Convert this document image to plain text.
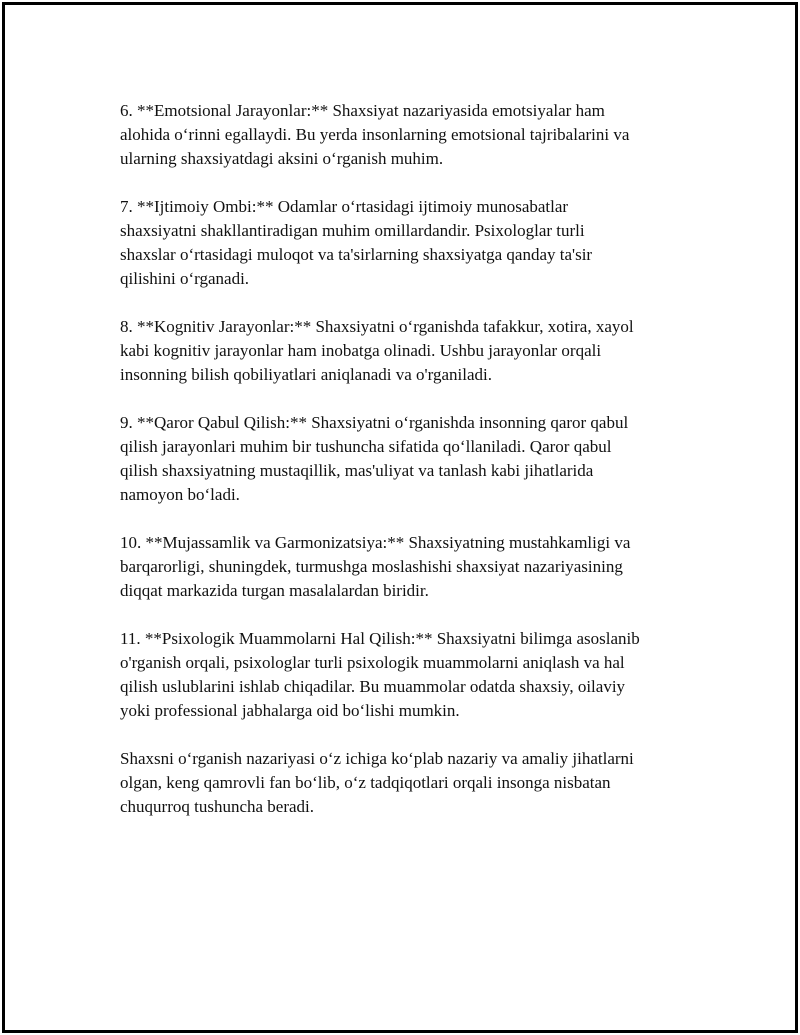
6. **Emotsional Jarayonlar:** Shaxsiyat nazariyasida emotsiyalar ham
alohida oʻrinni egallaydi. Bu yerda insonlarning emotsional tajribalarini va
ularning shaxsiyatdagi aksini oʻrganish muhim.

7. **Ijtimoiy Ombi:** Odamlar oʻrtasidagi ijtimoiy munosabatlar
shaxsiyatni shakllantiradigan muhim omillardandir. Psixologlar turli
shaxslar oʻrtasidagi muloqot va ta'sirlarning shaxsiyatga qanday ta'sir
qilishini oʻrganadi.

8. **Kognitiv Jarayonlar:** Shaxsiyatni oʻrganishda tafakkur, xotira, xayol
kabi kognitiv jarayonlar ham inobatga olinadi. Ushbu jarayonlar orqali
insonning bilish qobiliyatlari aniqlanadi va o'rganiladi.

9. **Qaror Qabul Qilish:** Shaxsiyatni oʻrganishda insonning qaror qabul
qilish jarayonlari muhim bir tushuncha sifatida qoʻllaniladi. Qaror qabul
qilish shaxsiyatning mustaqillik, mas'uliyat va tanlash kabi jihatlarida
namoyon boʻladi.

10. **Mujassamlik va Garmonizatsiya:** Shaxsiyatning mustahkamligi va
barqarorligi, shuningdek, turmushga moslashishi shaxsiyat nazariyasining
diqqat markazida turgan masalalardan biridir.

11. **Psixologik Muammolarni Hal Qilish:** Shaxsiyatni bilimga asoslanib
o'rganish orqali, psixologlar turli psixologik muammolarni aniqlash va hal
qilish uslublarini ishlab chiqadilar. Bu muammolar odatda shaxsiy, oilaviy
yoki professional jabhalarga oid boʻlishi mumkin.

Shaxsni oʻrganish nazariyasi oʻz ichiga koʻplab nazariy va amaliy jihatlarni
olgan, keng qamrovli fan boʻlib, oʻz tadqiqotlari orqali insonga nisbatan
chuqurroq tushuncha beradi.
